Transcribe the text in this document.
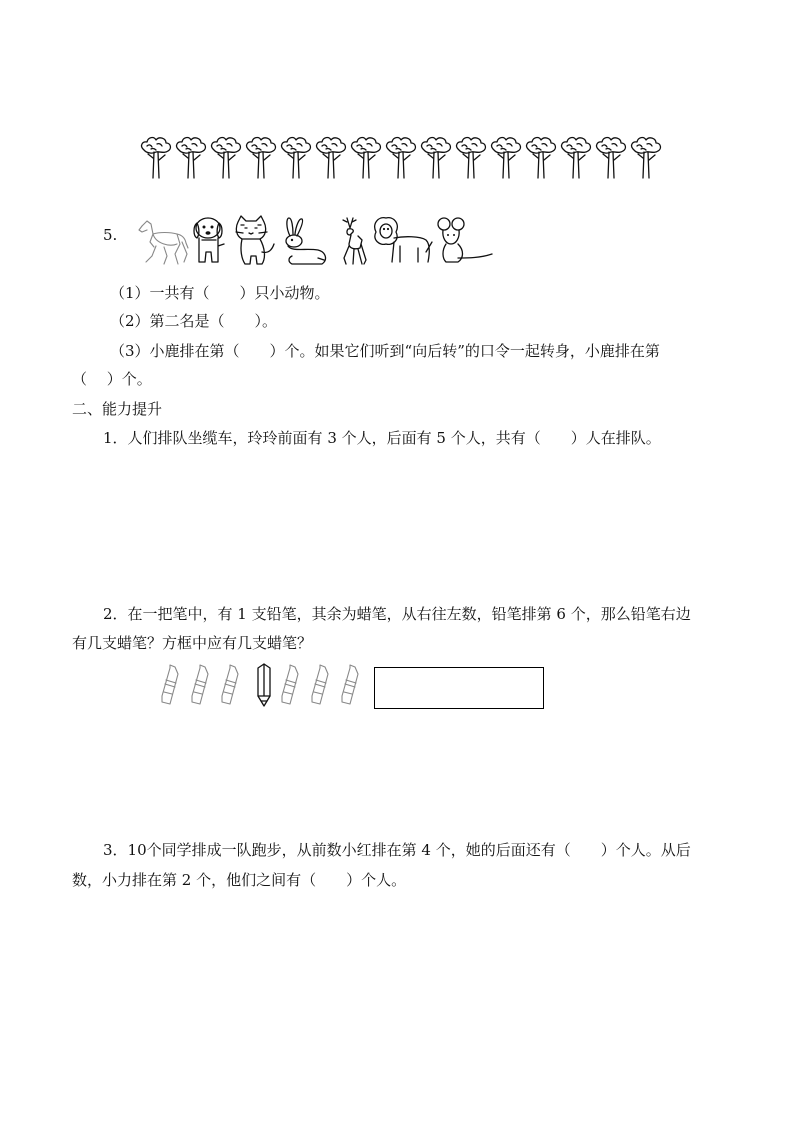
5.
（1）一共有（　　）只小动物。
（2）第二名是（　　）。
（3）小鹿排在第（　　）个。如果它们听到“向后转”的口令一起转身，小鹿排在第
（　 ）个。
二、能力提升
1．人们排队坐缆车，玲玲前面有 3 个人，后面有 5 个人，共有（　　）人在排队。
2．在一把笔中，有 1 支铅笔，其余为蜡笔，从右往左数，铅笔排第 6 个，那么铅笔右边
有几支蜡笔？方框中应有几支蜡笔？
3．10个同学排成一队跑步，从前数小红排在第 4 个，她的后面还有（　　）个人。从后
数，小力排在第 2 个，他们之间有（　　）个人。
